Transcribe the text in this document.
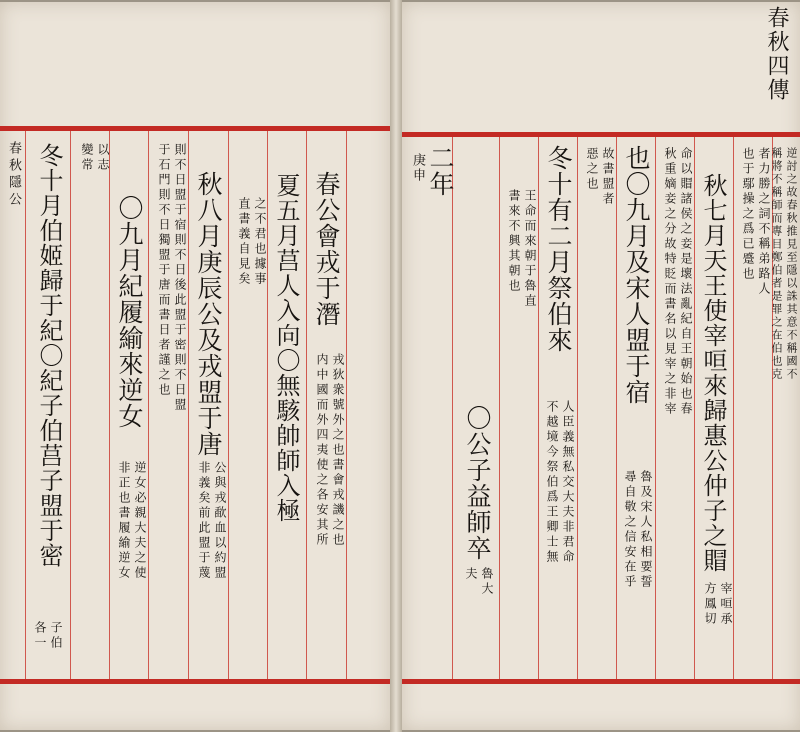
春秋隱公 冬十月伯姬歸于紀〇紀子伯莒子盟于密
子伯
各一
以志
變常
〇九月紀履緰來逆女
逆女必親大夫之使
非正也書履緰逆女
則不日盟于宿則不日後此盟于密則不日盟
于石門則不日獨盟于唐而書日者謹之也 秋八月庚辰公及戎盟于唐
公與戎歃血以約盟
非義矣前此盟于蔑
之不君也據事
直書義自見矣 夏五月莒人入向〇無駭帥師入極 春公會戎于潛
戎狄衆號外之也書會戎譏之也
内中國而外四夷使之各安其所
春秋四傳
庚申 二年
〇公子益師卒
魯大
夫
王命而來朝于魯直
書來不興其朝也 冬十有二月祭伯來 故書盟者
惡之也 也〇九月及宋人盟于宿 命以賵諸侯之妾是壞法亂紀自王朝始也春
秋重嫡妾之分故特貶而書名以見宰之非宰 秋七月天王使宰咺來歸惠公仲子之賵	者力勝之詞不稱弟路人
也于鄢操之爲已蹙也	逆討之故春秋推見至隱以誅其意不稱國不
稱將不稱師而專目鄭伯者是罪之在伯也克
人臣義無私交大夫非君命
不越境今祭伯爲王卿士無	魯及宋人私相要誓
尋自敬之信安在乎
宰咺承
方鳳切
